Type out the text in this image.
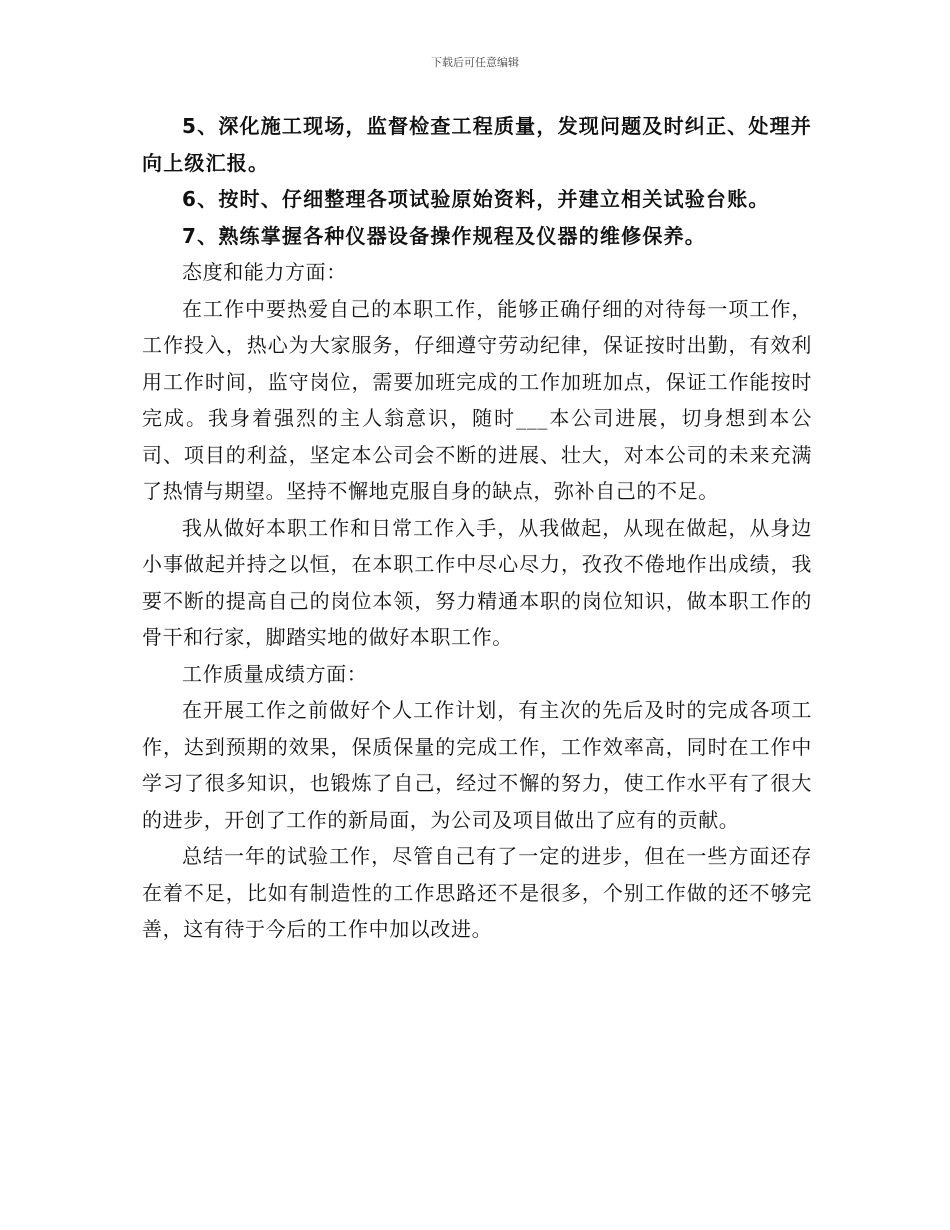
下载后可任意编辑

5、深化施工现场，监督检查工程质量，发现问题及时纠正、处理并向上级汇报。

6、按时、仔细整理各项试验原始资料，并建立相关试验台账。

7、熟练掌握各种仪器设备操作规程及仪器的维修保养。

态度和能力方面：

在工作中要热爱自己的本职工作，能够正确仔细的对待每一项工作，工作投入，热心为大家服务，仔细遵守劳动纪律，保证按时出勤，有效利用工作时间，监守岗位，需要加班完成的工作加班加点，保证工作能按时完成。我身着强烈的主人翁意识，随时___本公司进展，切身想到本公司、项目的利益，坚定本公司会不断的进展、壮大，对本公司的未来充满了热情与期望。坚持不懈地克服自身的缺点，弥补自己的不足。

我从做好本职工作和日常工作入手，从我做起，从现在做起，从身边小事做起并持之以恒，在本职工作中尽心尽力，孜孜不倦地作出成绩，我要不断的提高自己的岗位本领，努力精通本职的岗位知识，做本职工作的骨干和行家，脚踏实地的做好本职工作。

工作质量成绩方面：

在开展工作之前做好个人工作计划，有主次的先后及时的完成各项工作，达到预期的效果，保质保量的完成工作，工作效率高，同时在工作中学习了很多知识，也锻炼了自己，经过不懈的努力，使工作水平有了很大的进步，开创了工作的新局面，为公司及项目做出了应有的贡献。

总结一年的试验工作，尽管自己有了一定的进步，但在一些方面还存在着不足，比如有制造性的工作思路还不是很多，个别工作做的还不够完善，这有待于今后的工作中加以改进。
